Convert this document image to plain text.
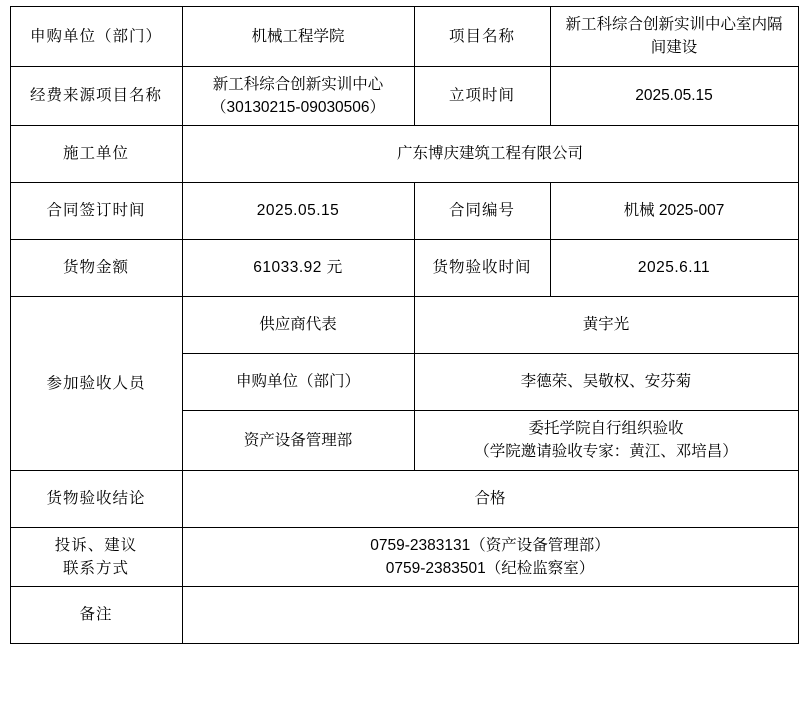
申购单位（部门）	机械工程学院	项目名称	新工科综合创新实训中心室内隔间建设
经费来源项目名称	新工科综合创新实训中心（30130215-09030506）	立项时间	2025.05.15
施工单位	广东博庆建筑工程有限公司		
合同签订时间	2025.05.15	合同编号	机械 2025-007
货物金额	61033.92 元	货物验收时间	2025.6.11
参加验收人员	供应商代表	黄宇光	
	申购单位（部门）	李德荣、吴敬权、安芬菊	
	资产设备管理部	委托学院自行组织验收
（学院邀请验收专家：黄江、邓培昌）	

货物验收结论	合格		

投诉、建议
联系方式	0759-2383131（资产设备管理部）
0759-2383501（纪检监察室）		

备注			
